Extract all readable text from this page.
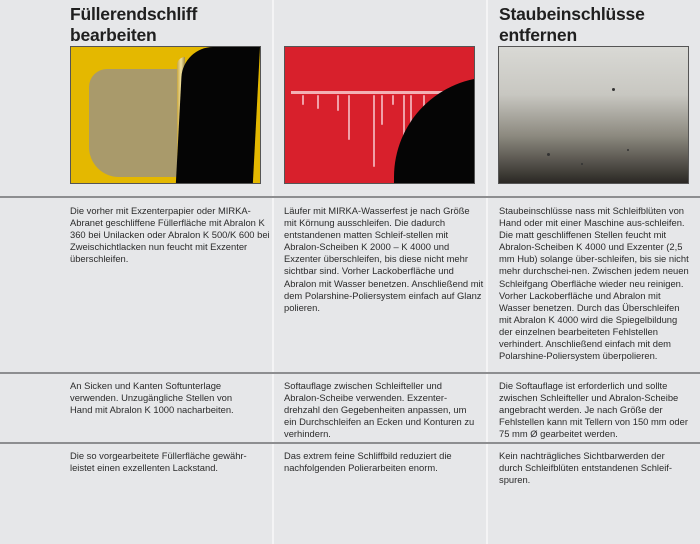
Füllerendschliff
bearbeiten
Staubeinschlüsse
entfernen

Die vorher mit Exzenterpapier oder MIRKA-Abranet geschliffene Füllerfläche mit Abralon K 360 bei Unilacken oder Abralon K 500/K 600 bei Zweischichtlacken nun feucht mit Exzenter überschleifen.

Läufer mit MIRKA-Wasserfest je nach Größe mit Körnung ausschleifen. Die dadurch entstandenen matten Schleif-stellen mit Abralon-Scheiben K 2000 – K 4000 und Exzenter überschleifen, bis diese nicht mehr sichtbar sind. Vorher Lackoberfläche und Abralon mit Wasser benetzen. Anschließend mit dem Polarshine-Poliersystem einfach auf Glanz polieren.

Staubeinschlüsse nass mit Schleifblüten von Hand oder mit einer Maschine aus-schleifen. Die matt geschliffenen Stellen feucht mit Abralon-Scheiben K 4000 und Exzenter (2,5 mm Hub) solange über-schleifen, bis sie nicht mehr durchschei-nen. Zwischen jedem neuen Schleifgang Oberfläche wieder neu reinigen. Vorher Lackoberfläche und Abralon mit Wasser benetzen. Durch das Überschleifen mit Abralon K 4000 wird die Spiegelbildung der einzelnen bearbeiteten Fehlstellen verhindert. Anschließend einfach mit dem Polarshine-Poliersystem überpolieren.

An Sicken und Kanten Softunterlage verwenden. Unzugängliche Stellen von Hand mit Abralon K 1000 nacharbeiten.

Softauflage zwischen Schleifteller und Abralon-Scheibe verwenden. Exzenter-drehzahl den Gegebenheiten anpassen, um ein Durchschleifen an Ecken und Konturen zu verhindern.

Die Softauflage ist erforderlich und sollte zwischen Schleifteller und Abralon-Scheibe angebracht werden. Je nach Größe der Fehlstellen kann mit Tellern von 150 mm oder 75 mm Ø gearbeitet werden.

Die so vorgearbeitete Füllerfläche gewähr-leistet einen exzellenten Lackstand.

Das extrem feine Schliffbild reduziert die nachfolgenden Polierarbeiten enorm.

Kein nachträgliches Sichtbarwerden der durch Schleifblüten entstandenen Schleif-spuren.
